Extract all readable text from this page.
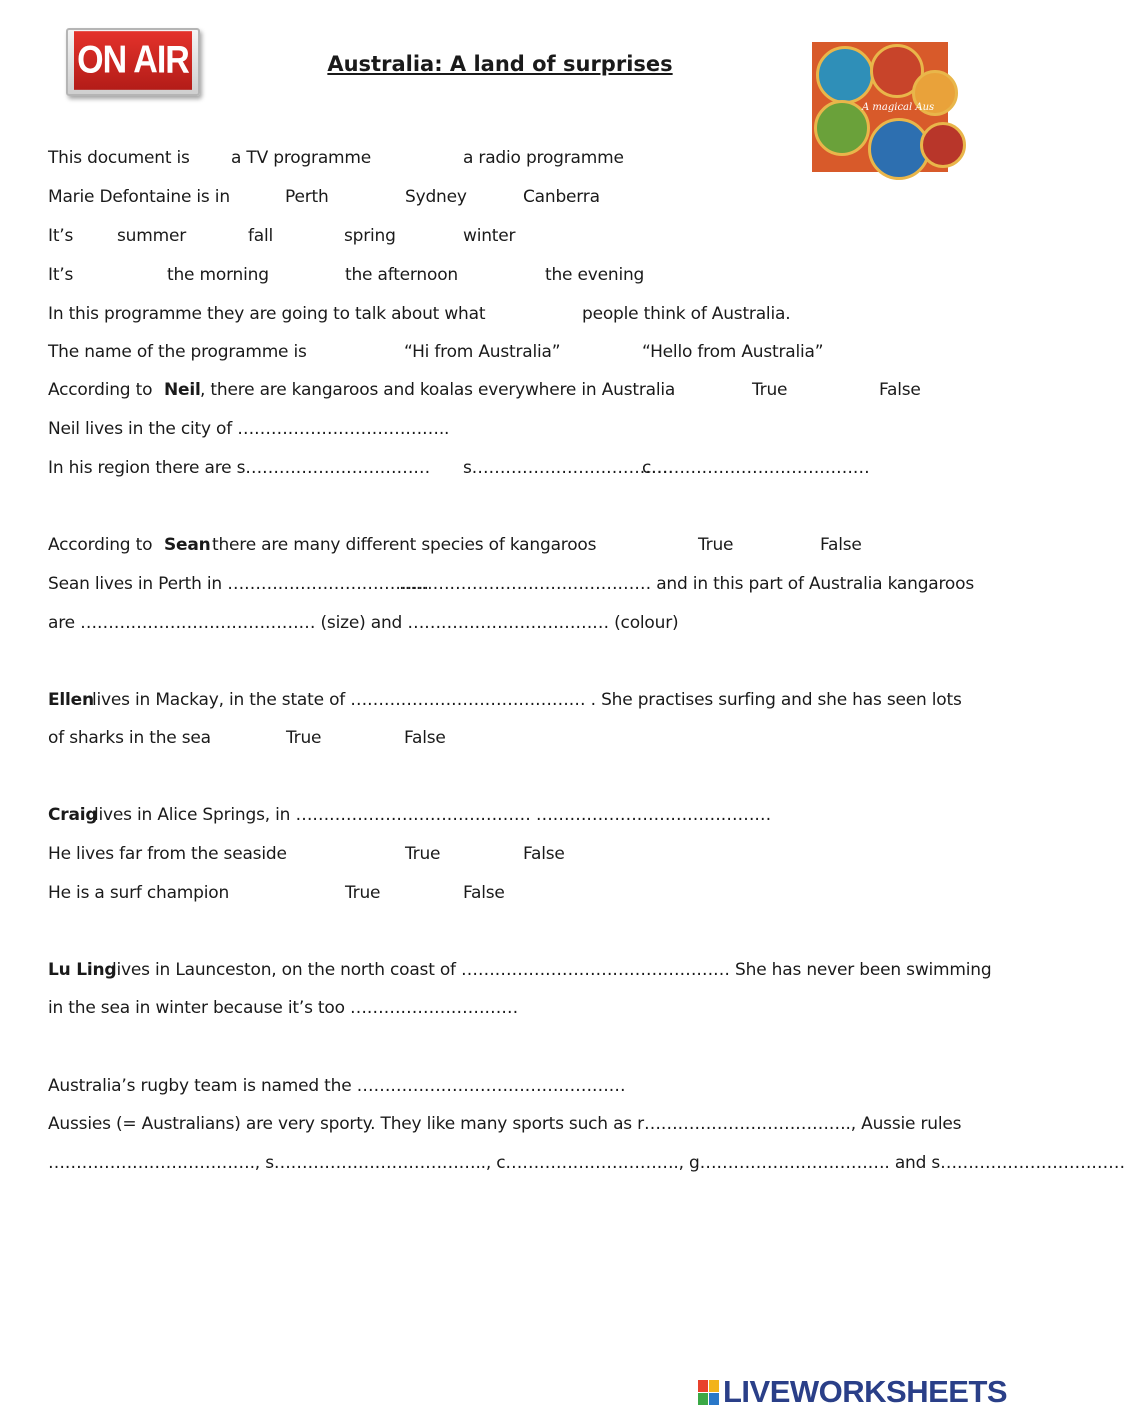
ON AIR	Australia: A land of surprises
A magical Aus
This document is a TV programme	a radio programme
Marie Defontaine is in	Perth	Sydney	Canberra
It’s	summer	fall	spring	winter
It’s	the morning	the afternoon	the evening
In this programme they are going to talk about what	people think of Australia.
The name of the programme is	“Hi from Australia”	“Hello from Australia”
According to Neil , there are kangaroos and koalas everywhere in Australia	True	False
Neil lives in the city of ………………………………..
In his region there are s…………………………… s………………………………
c…………………………………
According to Sean there are many different species of kangaroos	True	False
Sean lives in Perth in ………………………………
……………………………………… and in this part of Australia kangaroos
are …………………………………… (size) and ……………………………… (colour)
Ellen
lives in Mackay, in the state of …………………………………… . She practises surfing and she has seen lots
of sharks in the sea	True	False
Craig
lives in Alice Springs, in …………………………………… ……………………………………
He lives far from the seaside	True	False
He is a surf champion	True	False
Lu Ling
lives in Launceston, on the north coast of ………………………………………… She has never been swimming
in the sea in winter because it’s too …………………………
Australia’s rugby team is named the …………………………………………
Aussies (= Australians) are very sporty. They like many sports such as r………………………………., Aussie rules
………………………………., s……………………………….., c…………………………., g……………………………. and s……………………………
LIVEWORKSHEETS
